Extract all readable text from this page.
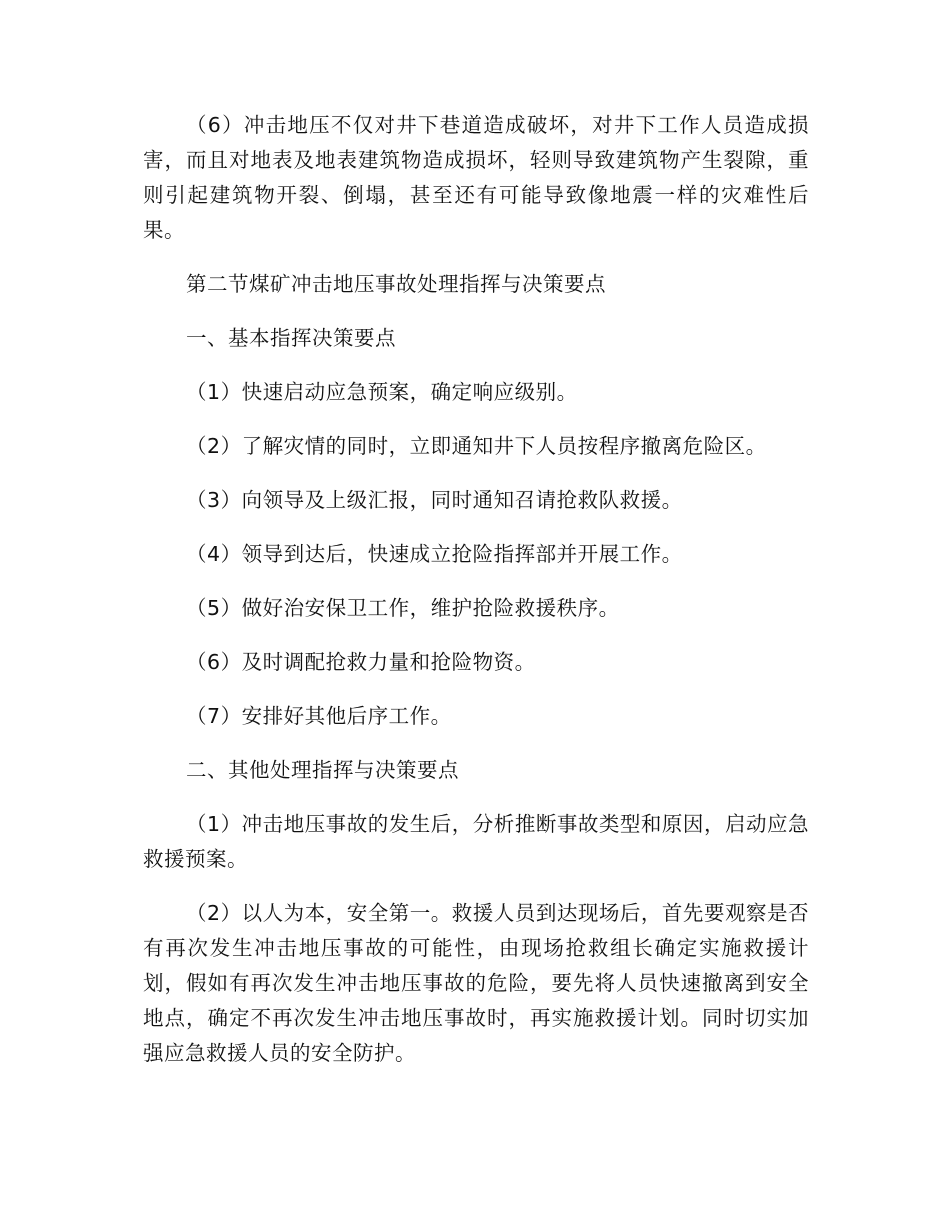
（6）冲击地压不仅对井下巷道造成破坏，对井下工作人员造成损害，而且对地表及地表建筑物造成损坏，轻则导致建筑物产生裂隙，重则引起建筑物开裂、倒塌，甚至还有可能导致像地震一样的灾难性后果。

第二节煤矿冲击地压事故处理指挥与决策要点

一、基本指挥决策要点

（1）快速启动应急预案，确定响应级别。

（2）了解灾情的同时，立即通知井下人员按程序撤离危险区。

（3）向领导及上级汇报，同时通知召请抢救队救援。

（4）领导到达后，快速成立抢险指挥部并开展工作。

（5）做好治安保卫工作，维护抢险救援秩序。

（6）及时调配抢救力量和抢险物资。

（7）安排好其他后序工作。

二、其他处理指挥与决策要点

（1）冲击地压事故的发生后，分析推断事故类型和原因，启动应急救援预案。

（2）以人为本，安全第一。救援人员到达现场后，首先要观察是否有再次发生冲击地压事故的可能性，由现场抢救组长确定实施救援计划，假如有再次发生冲击地压事故的危险，要先将人员快速撤离到安全地点，确定不再次发生冲击地压事故时，再实施救援计划。同时切实加强应急救援人员的安全防护。
